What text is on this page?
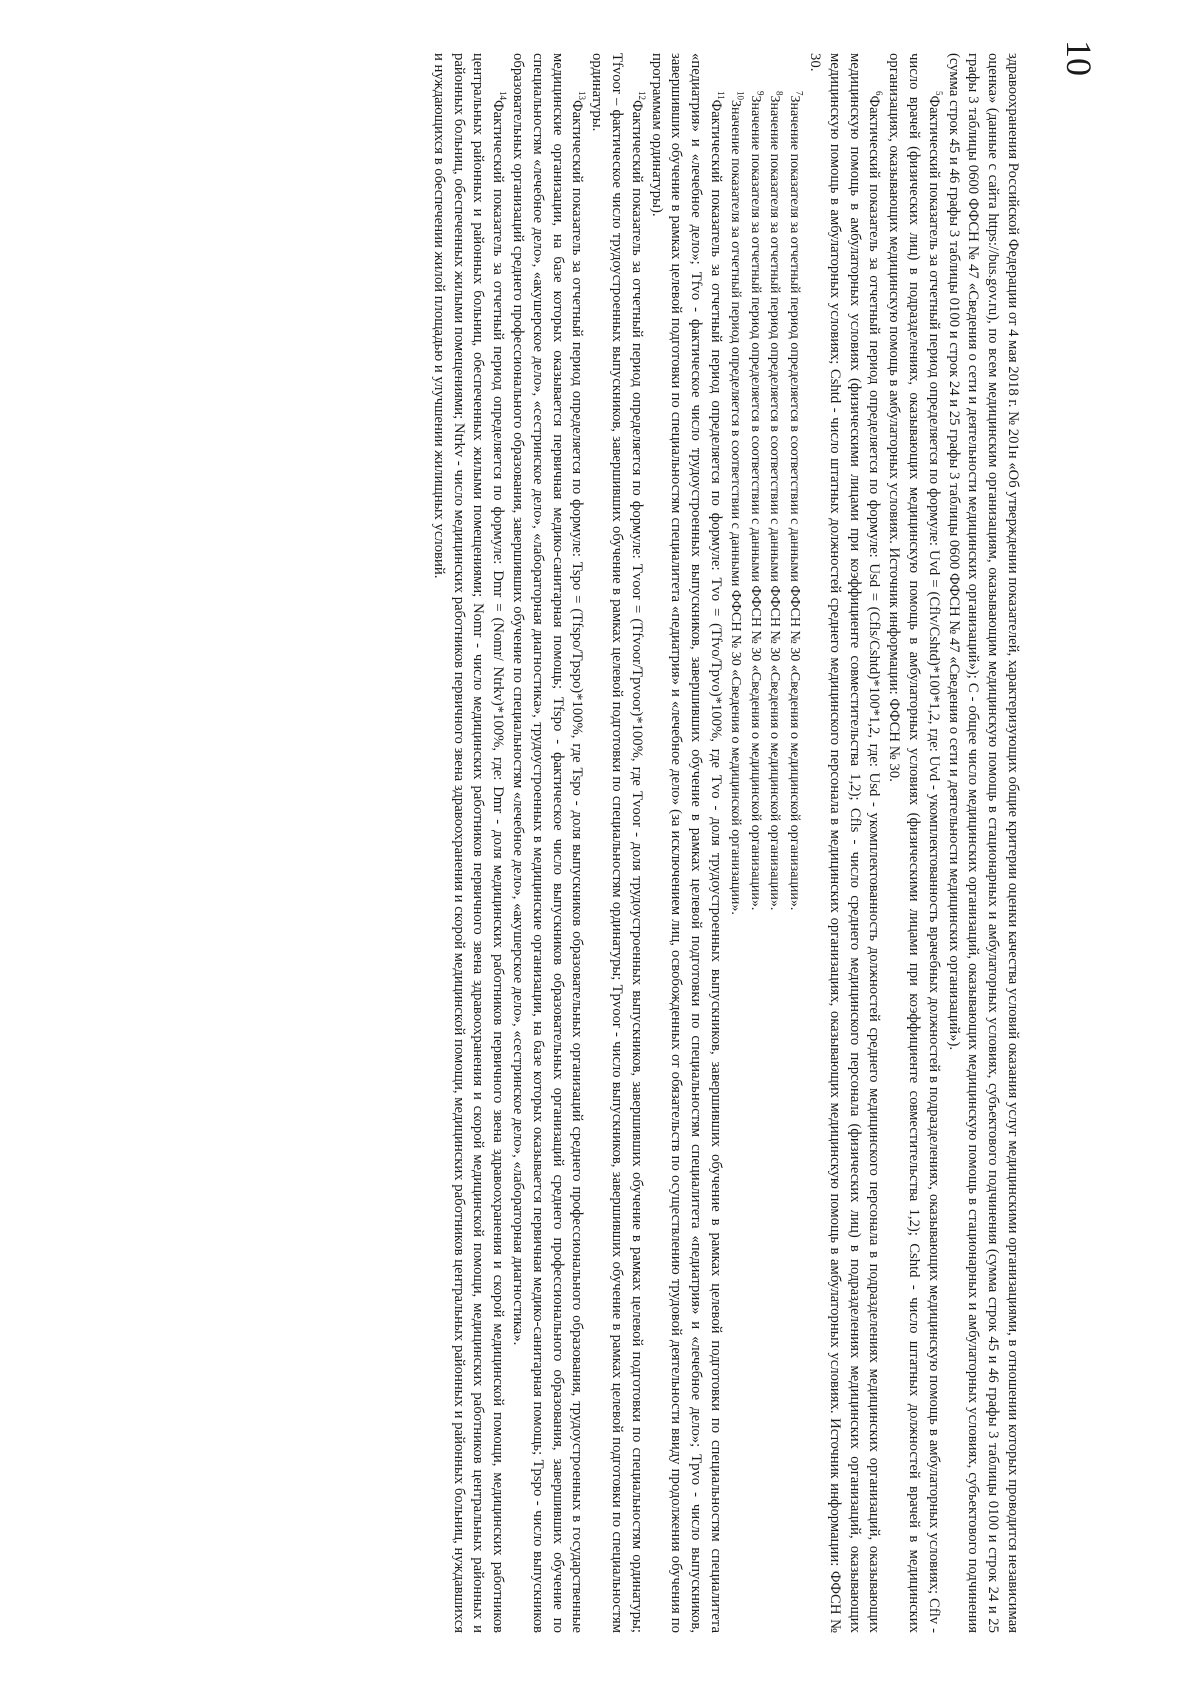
10

здравоохранения Российской Федерации от 4 мая 2018 г. № 201н «Об утверждении показателей, характеризующих общие критерии оценки качества условий оказания услуг медицинскими организациями, в отношении которых проводится независимая оценка» (данные с сайта https://bus.gov.ru), по всем медицинским организациям, оказывающим медицинскую помощь в стационарных и амбулаторных условиях, субъектового подчинения (сумма строк 45 и 46 графы 3 таблицы 0100 и строк 24 и 25 графы 3 таблицы 0600 ФФСН № 47 «Сведения о сети и деятельности медицинских организаций»); С - общее число медицинских организаций, оказывающих медицинскую помощь в стационарных и амбулаторных условиях, субъектового подчинения (сумма строк 45 и 46 графы 3 таблицы 0100 и строк 24 и 25 графы 3 таблицы 0600 ФФСН № 47 «Сведения о сети и деятельности медицинских организаций»).

$^5$Фактический показатель за отчетный период определяется по формуле: Uvd = (Cflv/Cshtd)*100*1,2, где: Uvd - укомплектованность врачебных должностей в подразделениях, оказывающих медицинскую помощь в амбулаторных условиях; Cflv - число врачей (физических лиц) в подразделениях, оказывающих медицинскую помощь в амбулаторных условиях (физическими лицами при коэффициенте совместительства 1,2); Cshtd - число штатных должностей врачей в медицинских организациях, оказывающих медицинскую помощь в амбулаторных условиях. Источник информации: ФФСН № 30.

$^6$Фактический показатель за отчетный период определяется по формуле: Usd = (Cfls/Cshtd)*100*1,2, где: Usd - укомплектованность должностей среднего медицинского персонала в подразделениях медицинских организаций, оказывающих медицинскую помощь в амбулаторных условиях (физическими лицами при коэффициенте совместительства 1,2); Cfls - число среднего медицинского персонала (физических лиц) в подразделениях медицинских организаций, оказывающих медицинскую помощь в амбулаторных условиях; Cshtd - число штатных должностей среднего медицинского персонала в медицинских организациях, оказывающих медицинскую помощь в амбулаторных условиях. Источник информации: ФФСН № 30.

$^7$Значение показателя за отчетный период определяется в соответствии с данными ФФСН № 30 «Сведения о медицинской организации».

$^8$Значение показателя за отчетный период определяется в соответствии с данными ФФСН № 30 «Сведения о медицинской организации».

$^9$Значение показателя за отчетный период определяется в соответствии с данными ФФСН № 30 «Сведения о медицинской организации».

$^{10}$Значение показателя за отчетный период определяется в соответствии с данными ФФСН № 30 «Сведения о медицинской организации».

$^{11}$Фактический показатель за отчетный период определяется по формуле: Tvo = (Tfvo/Tpvo)*100%, где Tvo - доля трудоустроенных выпускников, завершивших обучение в рамках целевой подготовки по специальностям специалитета «педиатрия» и «лечебное дело»; Tfvo - фактическое число трудоустроенных выпускников, завершивших обучение в рамках целевой подготовки по специальностям специалитета «педиатрия» и «лечебное дело»; Tpvo - число выпускников, завершивших обучение в рамках целевой подготовки по специальностям специалитета «педиатрия» и «лечебное дело» (за исключением лиц, освобожденных от обязательств по осуществлению трудовой деятельности ввиду продолжения обучения по программам ординатуры).

$^{12}$Фактический показатель за отчетный период определяется по формуле: Tvoor = (Tfvoor/Tpvoor)*100%, где Tvoor - доля трудоустроенных выпускников, завершивших обучение в рамках целевой подготовки по специальностям ординатуры; Tfvoor – фактическое число трудоустроенных выпускников, завершивших обучение в рамках целевой подготовки по специальностям ординатуры; Tpvoor - число выпускников, завершивших обучение в рамках целевой подготовки по специальностям ординатуры.

$^{13}$Фактический показатель за отчетный период определяется по формуле: Tspo = (Tfspo/Tpspo)*100%, где Tspo - доля выпускников образовательных организаций среднего профессионального образования, трудоустроенных в государственные медицинские организации, на базе которых оказывается первичная медико-санитарная помощь; Tfspo - фактическое число выпускников образовательных организаций среднего профессионального образования, завершивших обучение по специальностям «лечебное дело», «акушерское дело», «сестринское дело», «лабораторная диагностика», трудоустроенных в медицинские организации, на базе которых оказывается первичная медико-санитарная помощь; Tpspo - число выпускников образовательных организаций среднего профессионального образования, завершивших обучение по специальностям «лечебное дело», «акушерское дело», «сестринское дело», «лабораторная диагностика».

$^{14}$Фактический показатель за отчетный период определяется по формуле: Dmr = (Nomr/ Ntrkv)*100%, где: Dmr - доля медицинских работников первичного звена здравоохранения и скорой медицинской помощи, медицинских работников центральных районных и районных больниц, обеспеченных жилыми помещениями; Nomr - число медицинских работников первичного звена здравоохранения и скорой медицинской помощи, медицинских работников центральных районных и районных больниц, обеспеченных жилыми помещениями; Ntrkv - число медицинских работников первичного звена здравоохранения и скорой медицинской помощи, медицинских работников центральных районных и районных больниц, нуждавшихся и нуждающихся в обеспечении жилой площадью и улучшении жилищных условий.
